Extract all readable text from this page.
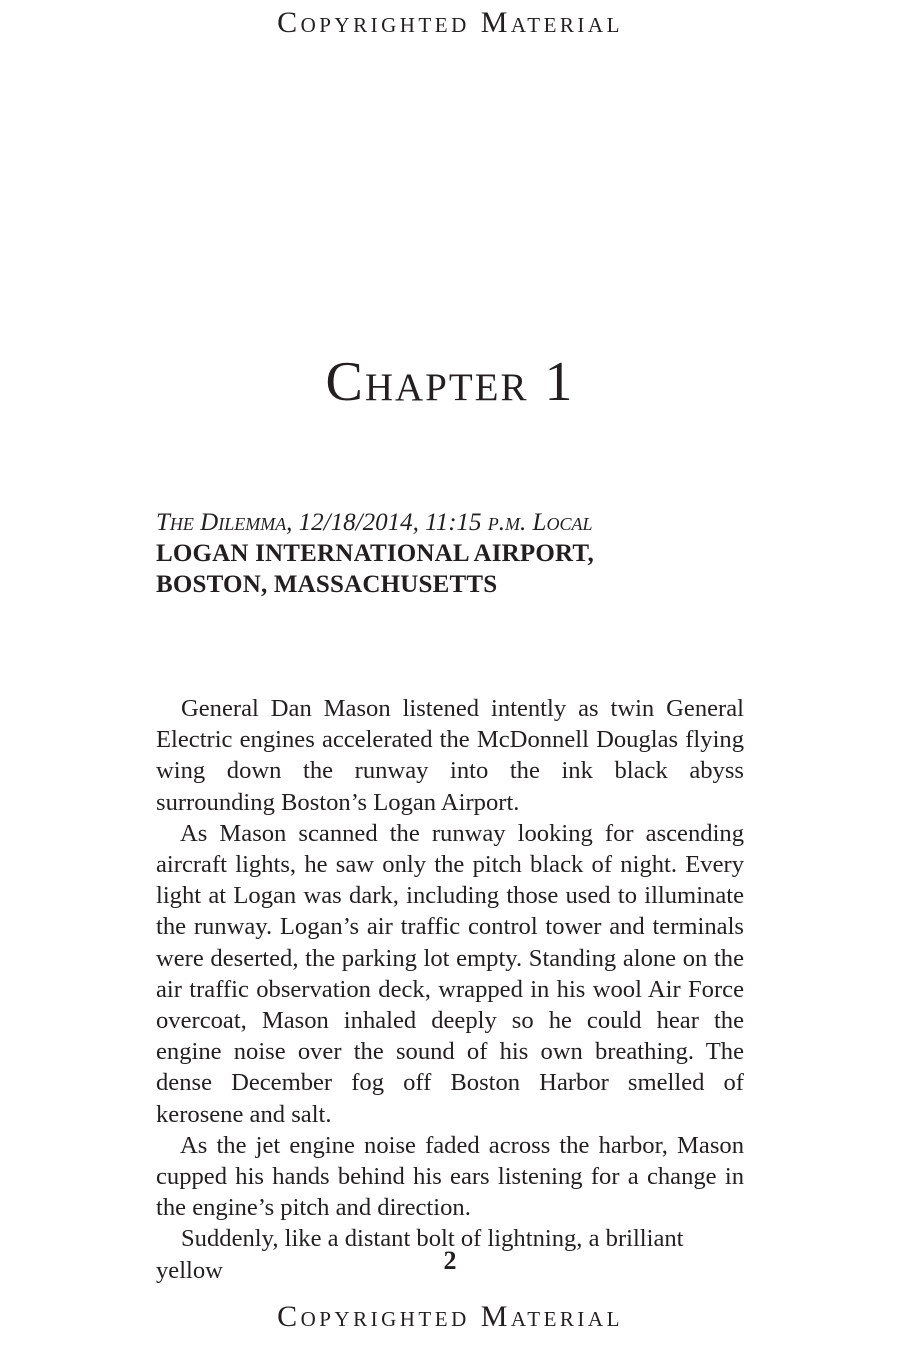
Copyrighted Material
Chapter 1
The Dilemma, 12/18/2014, 11:15 p.m. Local
LOGAN INTERNATIONAL AIRPORT,
BOSTON, MASSACHUSETTS

General Dan Mason listened intently as twin General Electric engines accelerated the McDonnell Douglas flying wing down the runway into the ink black abyss surrounding Boston’s Logan Airport.

As Mason scanned the runway looking for ascending aircraft lights, he saw only the pitch black of night. Every light at Logan was dark, including those used to illuminate the runway. Logan’s air traffic control tower and terminals were deserted, the parking lot empty. Standing alone on the air traffic observation deck, wrapped in his wool Air Force overcoat, Mason inhaled deeply so he could hear the engine noise over the sound of his own breathing. The dense December fog off Boston Harbor smelled of kerosene and salt.

As the jet engine noise faded across the harbor, Mason cupped his hands behind his ears listening for a change in the engine’s pitch and direction.

Suddenly, like a distant bolt of lightning, a brilliant yellow	2
Copyrighted Material
